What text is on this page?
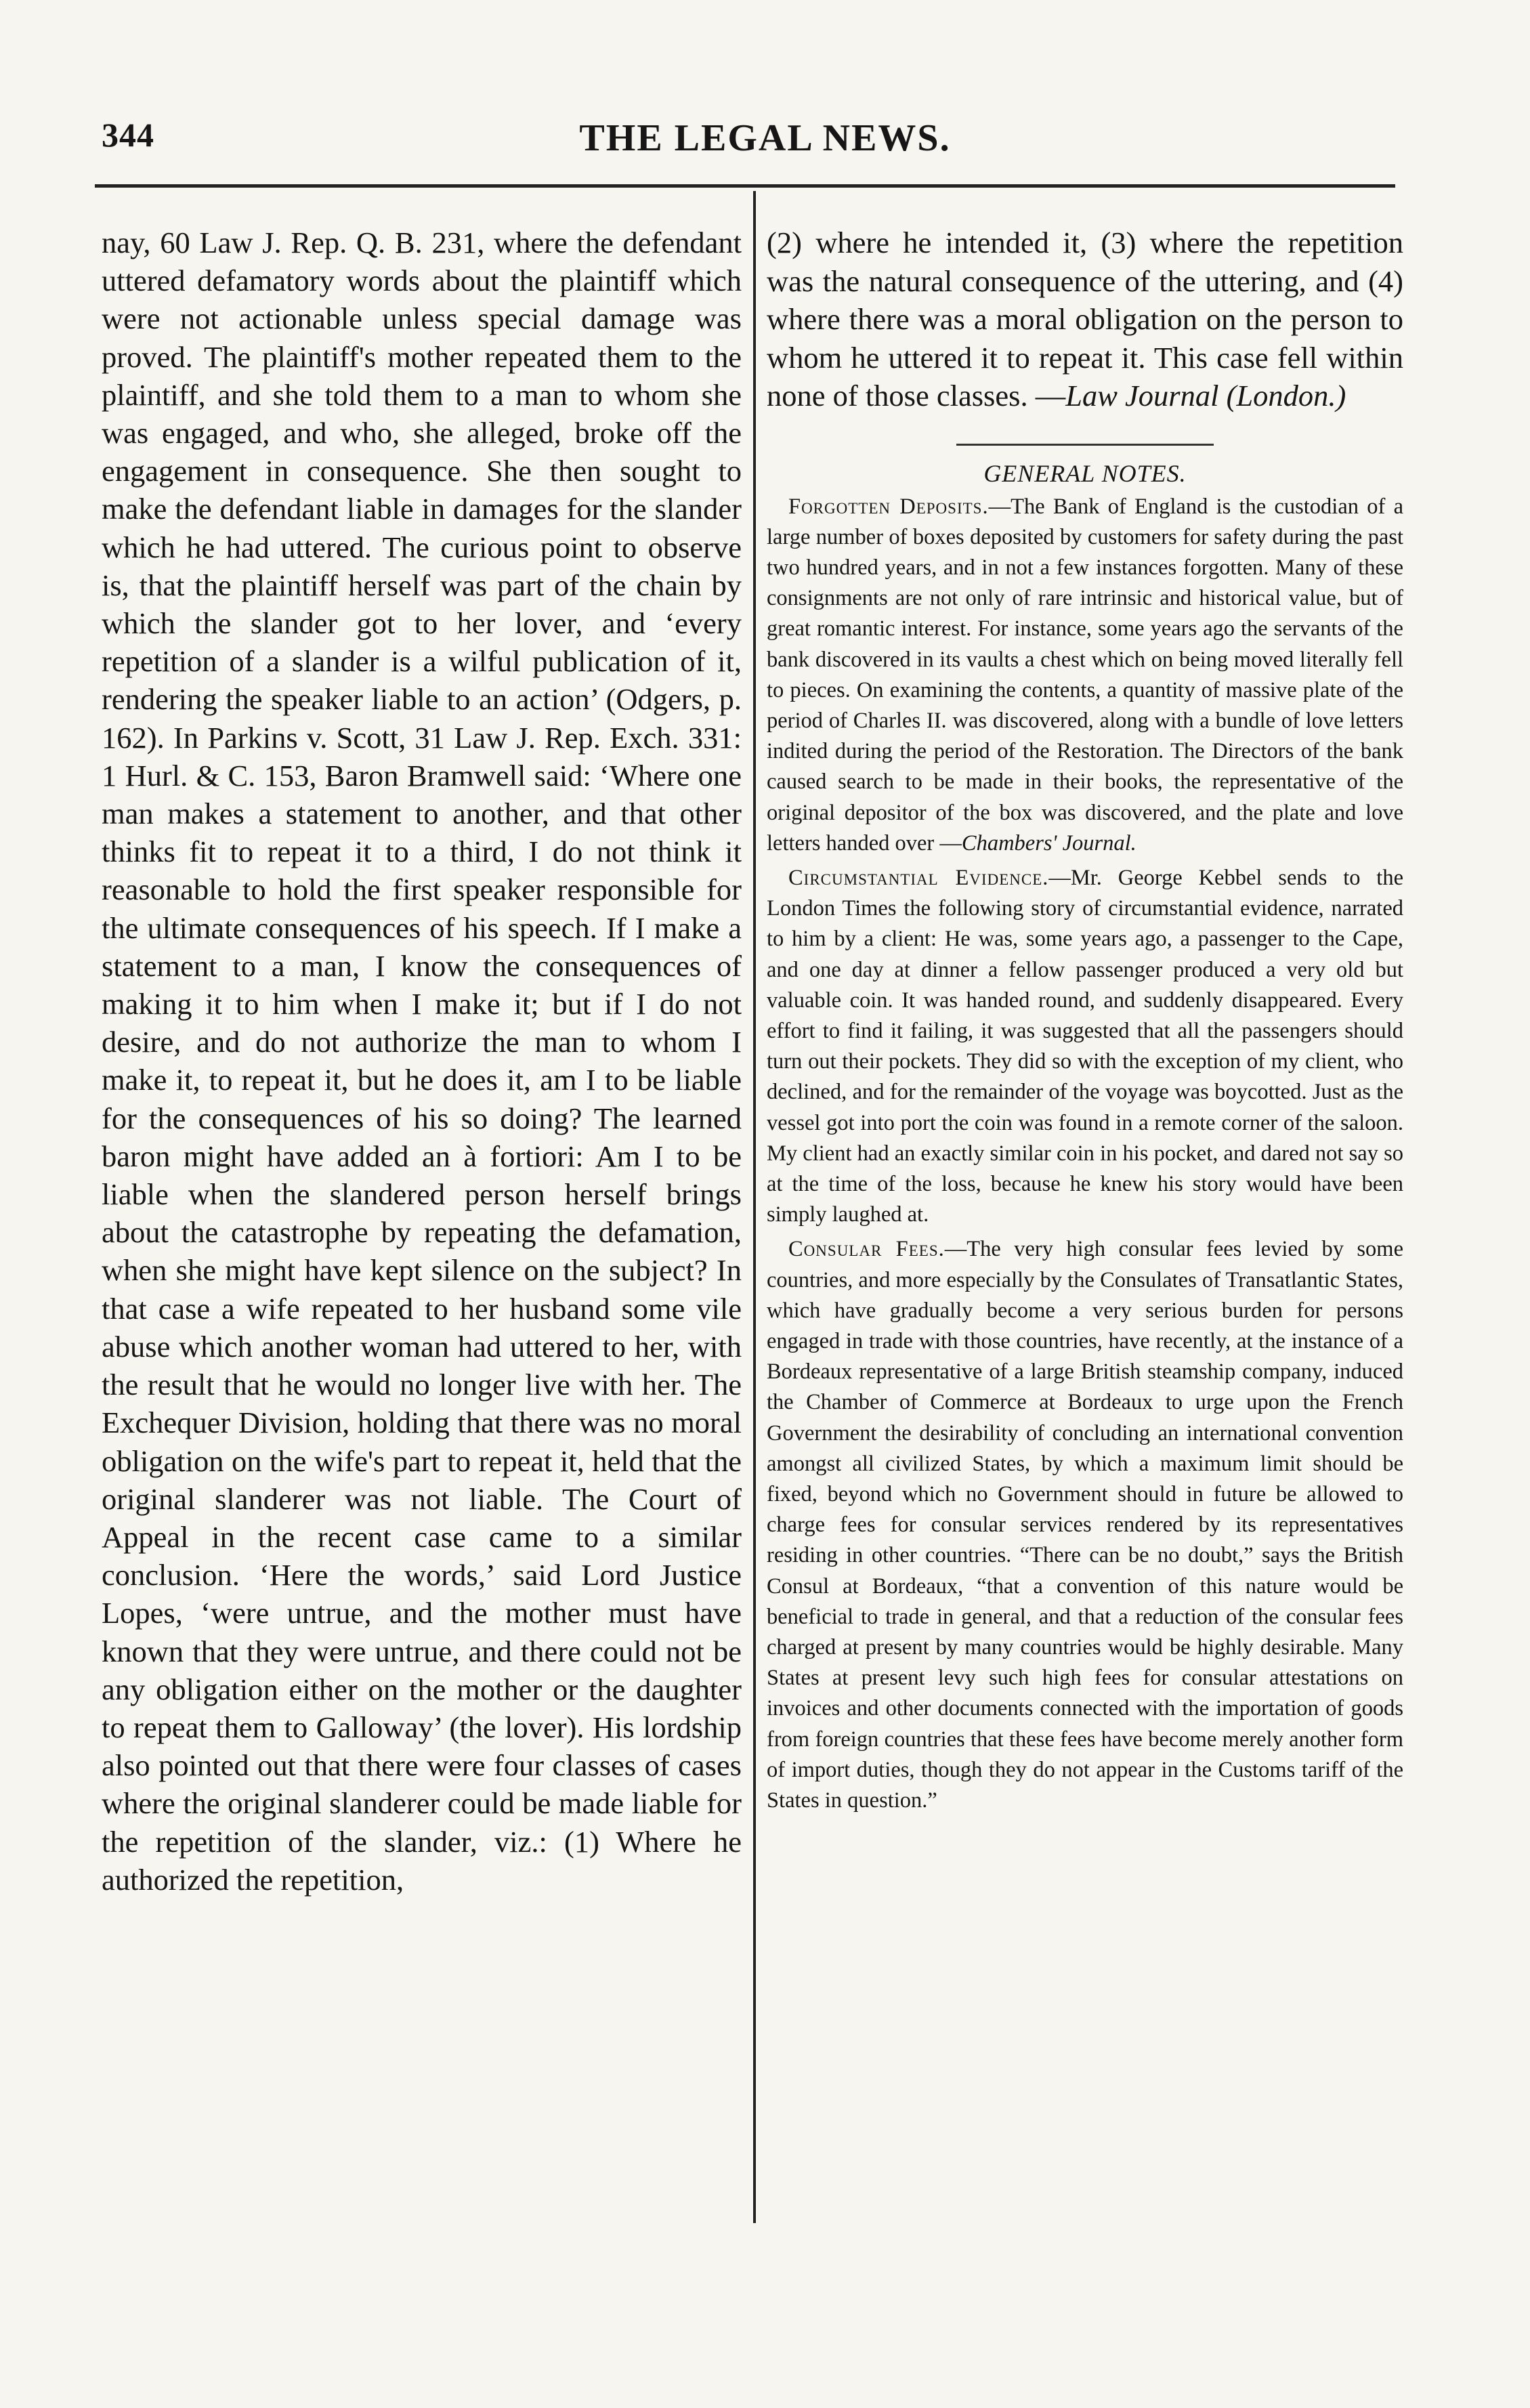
344	THE LEGAL NEWS.

nay, 60 Law J. Rep. Q. B. 231, where the defendant uttered defamatory words about the plaintiff which were not actionable unless special damage was proved. The plaintiff's mother repeated them to the plaintiff, and she told them to a man to whom she was engaged, and who, she alleged, broke off the engagement in consequence. She then sought to make the defendant liable in damages for the slander which he had uttered. The curious point to observe is, that the plaintiff herself was part of the chain by which the slander got to her lover, and ‘every repetition of a slander is a wilful publication of it, rendering the speaker liable to an action’ (Odgers, p. 162). In Parkins v. Scott, 31 Law J. Rep. Exch. 331: 1 Hurl. & C. 153, Baron Bramwell said: ‘Where one man makes a statement to another, and that other thinks fit to repeat it to a third, I do not think it reasonable to hold the first speaker responsible for the ultimate consequences of his speech. If I make a statement to a man, I know the consequences of making it to him when I make it; but if I do not desire, and do not authorize the man to whom I make it, to repeat it, but he does it, am I to be liable for the consequences of his so doing? The learned baron might have added an à fortiori: Am I to be liable when the slandered person herself brings about the catastrophe by repeating the defamation, when she might have kept silence on the subject? In that case a wife repeated to her husband some vile abuse which another woman had uttered to her, with the result that he would no longer live with her. The Exchequer Division, holding that there was no moral obligation on the wife's part to repeat it, held that the original slanderer was not liable. The Court of Appeal in the recent case came to a similar conclusion. ‘Here the words,’ said Lord Justice Lopes, ‘were untrue, and the mother must have known that they were untrue, and there could not be any obligation either on the mother or the daughter to repeat them to Galloway’ (the lover). His lordship also pointed out that there were four classes of cases where the original slanderer could be made liable for the repetition of the slander, viz.: (1) Where he authorized the repetition,

(2) where he intended it, (3) where the repetition was the natural consequence of the uttering, and (4) where there was a moral obligation on the person to whom he uttered it to repeat it. This case fell within none of those classes. —Law Journal (London.)

GENERAL NOTES.

Forgotten Deposits.—The Bank of England is the custodian of a large number of boxes deposited by customers for safety during the past two hundred years, and in not a few instances forgotten. Many of these consignments are not only of rare intrinsic and historical value, but of great romantic interest. For instance, some years ago the servants of the bank discovered in its vaults a chest which on being moved literally fell to pieces. On examining the contents, a quantity of massive plate of the period of Charles II. was discovered, along with a bundle of love letters indited during the period of the Restoration. The Directors of the bank caused search to be made in their books, the representative of the original depositor of the box was discovered, and the plate and love letters handed over —Chambers' Journal.

Circumstantial Evidence.—Mr. George Kebbel sends to the London Times the following story of circumstantial evidence, narrated to him by a client: He was, some years ago, a passenger to the Cape, and one day at dinner a fellow passenger produced a very old but valuable coin. It was handed round, and suddenly disappeared. Every effort to find it failing, it was suggested that all the passengers should turn out their pockets. They did so with the exception of my client, who declined, and for the remainder of the voyage was boycotted. Just as the vessel got into port the coin was found in a remote corner of the saloon. My client had an exactly similar coin in his pocket, and dared not say so at the time of the loss, because he knew his story would have been simply laughed at.

Consular Fees.—The very high consular fees levied by some countries, and more especially by the Consulates of Transatlantic States, which have gradually become a very serious burden for persons engaged in trade with those countries, have recently, at the instance of a Bordeaux representative of a large British steamship company, induced the Chamber of Commerce at Bordeaux to urge upon the French Government the desirability of concluding an international convention amongst all civilized States, by which a maximum limit should be fixed, beyond which no Government should in future be allowed to charge fees for consular services rendered by its representatives residing in other countries. “There can be no doubt,” says the British Consul at Bordeaux, “that a convention of this nature would be beneficial to trade in general, and that a reduction of the consular fees charged at present by many countries would be highly desirable. Many States at present levy such high fees for consular attestations on invoices and other documents connected with the importation of goods from foreign countries that these fees have become merely another form of import duties, though they do not appear in the Customs tariff of the States in question.”
